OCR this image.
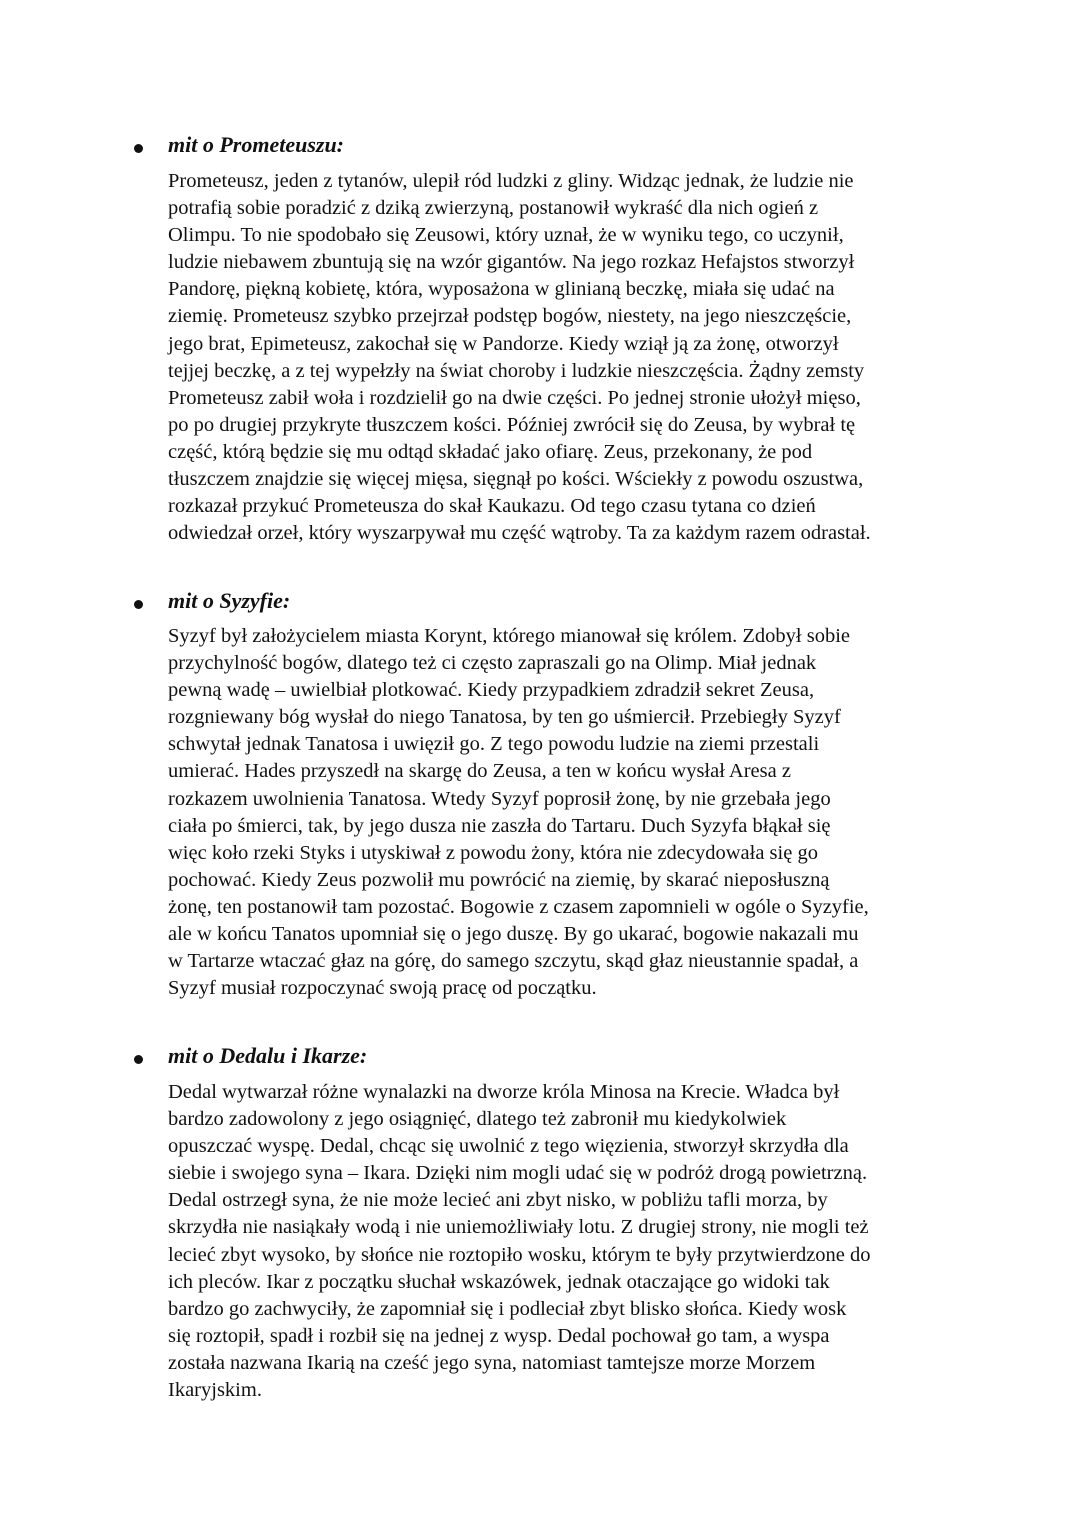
mit o Prometeuszu:
Prometeusz, jeden z tytanów, ulepił ród ludzki z gliny. Widząc jednak, że ludzie nie
potrafią sobie poradzić z dziką zwierzyną, postanowił wykraść dla nich ogień z
Olimpu. To nie spodobało się Zeusowi, który uznał, że w wyniku tego, co uczynił,
ludzie niebawem zbuntują się na wzór gigantów. Na jego rozkaz Hefajstos stworzył
Pandorę, piękną kobietę, która, wyposażona w glinianą beczkę, miała się udać na
ziemię. Prometeusz szybko przejrzał podstęp bogów, niestety, na jego nieszczęście,
jego brat, Epimeteusz, zakochał się w Pandorze. Kiedy wziął ją za żonę, otworzył
tejjej beczkę, a z tej wypełzły na świat choroby i ludzkie nieszczęścia. Żądny zemsty
Prometeusz zabił woła i rozdzielił go na dwie części. Po jednej stronie ułożył mięso,
po po drugiej przykryte tłuszczem kości. Później zwrócił się do Zeusa, by wybrał tę
część, którą będzie się mu odtąd składać jako ofiarę. Zeus, przekonany, że pod
tłuszczem znajdzie się więcej mięsa, sięgnął po kości. Wściekły z powodu oszustwa,
rozkazał przykuć Prometeusza do skał Kaukazu. Od tego czasu tytana co dzień
odwiedzał orzeł, który wyszarpywał mu część wątroby. Ta za każdym razem odrastał.
mit o Syzyfie:
Syzyf był założycielem miasta Korynt, którego mianował się królem. Zdobył sobie
przychylność bogów, dlatego też ci często zapraszali go na Olimp. Miał jednak
pewną wadę – uwielbiał plotkować. Kiedy przypadkiem zdradził sekret Zeusa,
rozgniewany bóg wysłał do niego Tanatosa, by ten go uśmiercił. Przebiegły Syzyf
schwytał jednak Tanatosa i uwięził go. Z tego powodu ludzie na ziemi przestali
umierać. Hades przyszedł na skargę do Zeusa, a ten w końcu wysłał Aresa z
rozkazem uwolnienia Tanatosa. Wtedy Syzyf poprosił żonę, by nie grzebała jego
ciała po śmierci, tak, by jego dusza nie zaszła do Tartaru. Duch Syzyfa błąkał się
więc koło rzeki Styks i utyskiwał z powodu żony, która nie zdecydowała się go
pochować. Kiedy Zeus pozwolił mu powrócić na ziemię, by skarać nieposłuszną
żonę, ten postanowił tam pozostać. Bogowie z czasem zapomnieli w ogóle o Syzyfie,
ale w końcu Tanatos upomniał się o jego duszę. By go ukarać, bogowie nakazali mu
w Tartarze wtaczać głaz na górę, do samego szczytu, skąd głaz nieustannie spadał, a
Syzyf musiał rozpoczynać swoją pracę od początku.
mit o Dedalu i Ikarze:
Dedal wytwarzał różne wynalazki na dworze króla Minosa na Krecie. Władca był
bardzo zadowolony z jego osiągnięć, dlatego też zabronił mu kiedykolwiek
opuszczać wyspę. Dedal, chcąc się uwolnić z tego więzienia, stworzył skrzydła dla
siebie i swojego syna – Ikara. Dzięki nim mogli udać się w podróż drogą powietrzną.
Dedal ostrzegł syna, że nie może lecieć ani zbyt nisko, w pobliżu tafli morza, by
skrzydła nie nasiąkały wodą i nie uniemożliwiały lotu. Z drugiej strony, nie mogli też
lecieć zbyt wysoko, by słońce nie roztopiło wosku, którym te były przytwierdzone do
ich pleców. Ikar z początku słuchał wskazówek, jednak otaczające go widoki tak
bardzo go zachwyciły, że zapomniał się i podleciał zbyt blisko słońca. Kiedy wosk
się roztopił, spadł i rozbił się na jednej z wysp. Dedal pochował go tam, a wyspa
została nazwana Ikarią na cześć jego syna, natomiast tamtejsze morze Morzem
Ikaryjskim.
